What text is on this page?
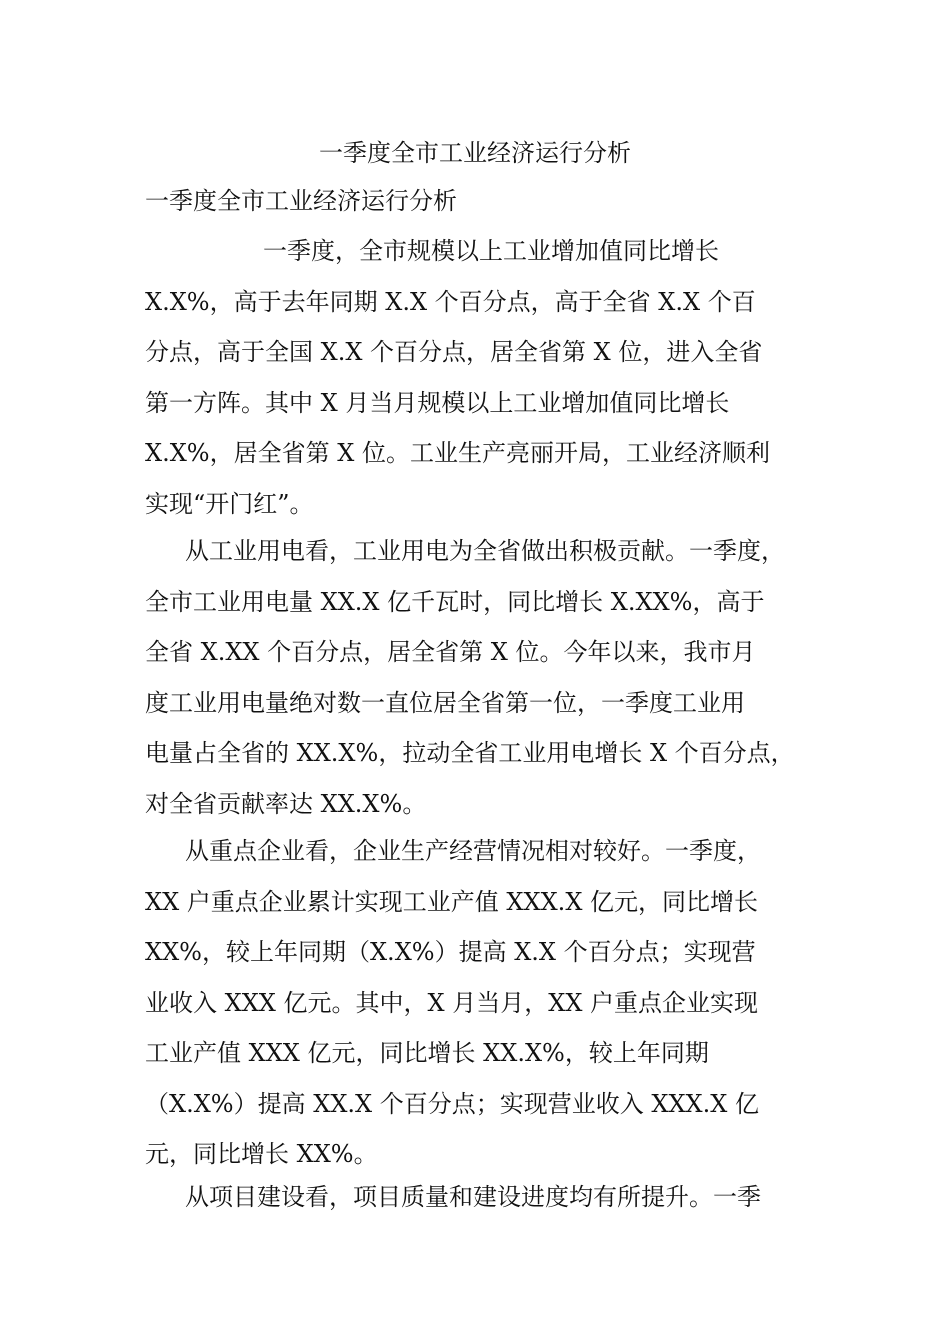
一季度全市工业经济运行分析
一季度全市工业经济运行分析
一季度，全市规模以上工业增加值同比增长
X.X%，高于去年同期 X.X 个百分点，高于全省 X.X 个百
分点，高于全国 X.X 个百分点，居全省第 X 位，进入全省
第一方阵。其中 X 月当月规模以上工业增加值同比增长
X.X%，居全省第 X 位。工业生产亮丽开局，工业经济顺利
实现“开门红”。
从工业用电看，工业用电为全省做出积极贡献。一季度，
全市工业用电量 XX.X 亿千瓦时，同比增长 X.XX%，高于
全省 X.XX 个百分点，居全省第 X 位。今年以来，我市月
度工业用电量绝对数一直位居全省第一位，一季度工业用
电量占全省的 XX.X%，拉动全省工业用电增长 X 个百分点，
对全省贡献率达 XX.X%。
从重点企业看，企业生产经营情况相对较好。一季度，
XX 户重点企业累计实现工业产值 XXX.X 亿元，同比增长
XX%，较上年同期（X.X%）提高 X.X 个百分点；实现营
业收入 XXX 亿元。其中，X 月当月，XX 户重点企业实现
工业产值 XXX 亿元，同比增长 XX.X%，较上年同期
（X.X%）提高 XX.X 个百分点；实现营业收入 XXX.X 亿
元，同比增长 XX%。
从项目建设看，项目质量和建设进度均有所提升。一季
